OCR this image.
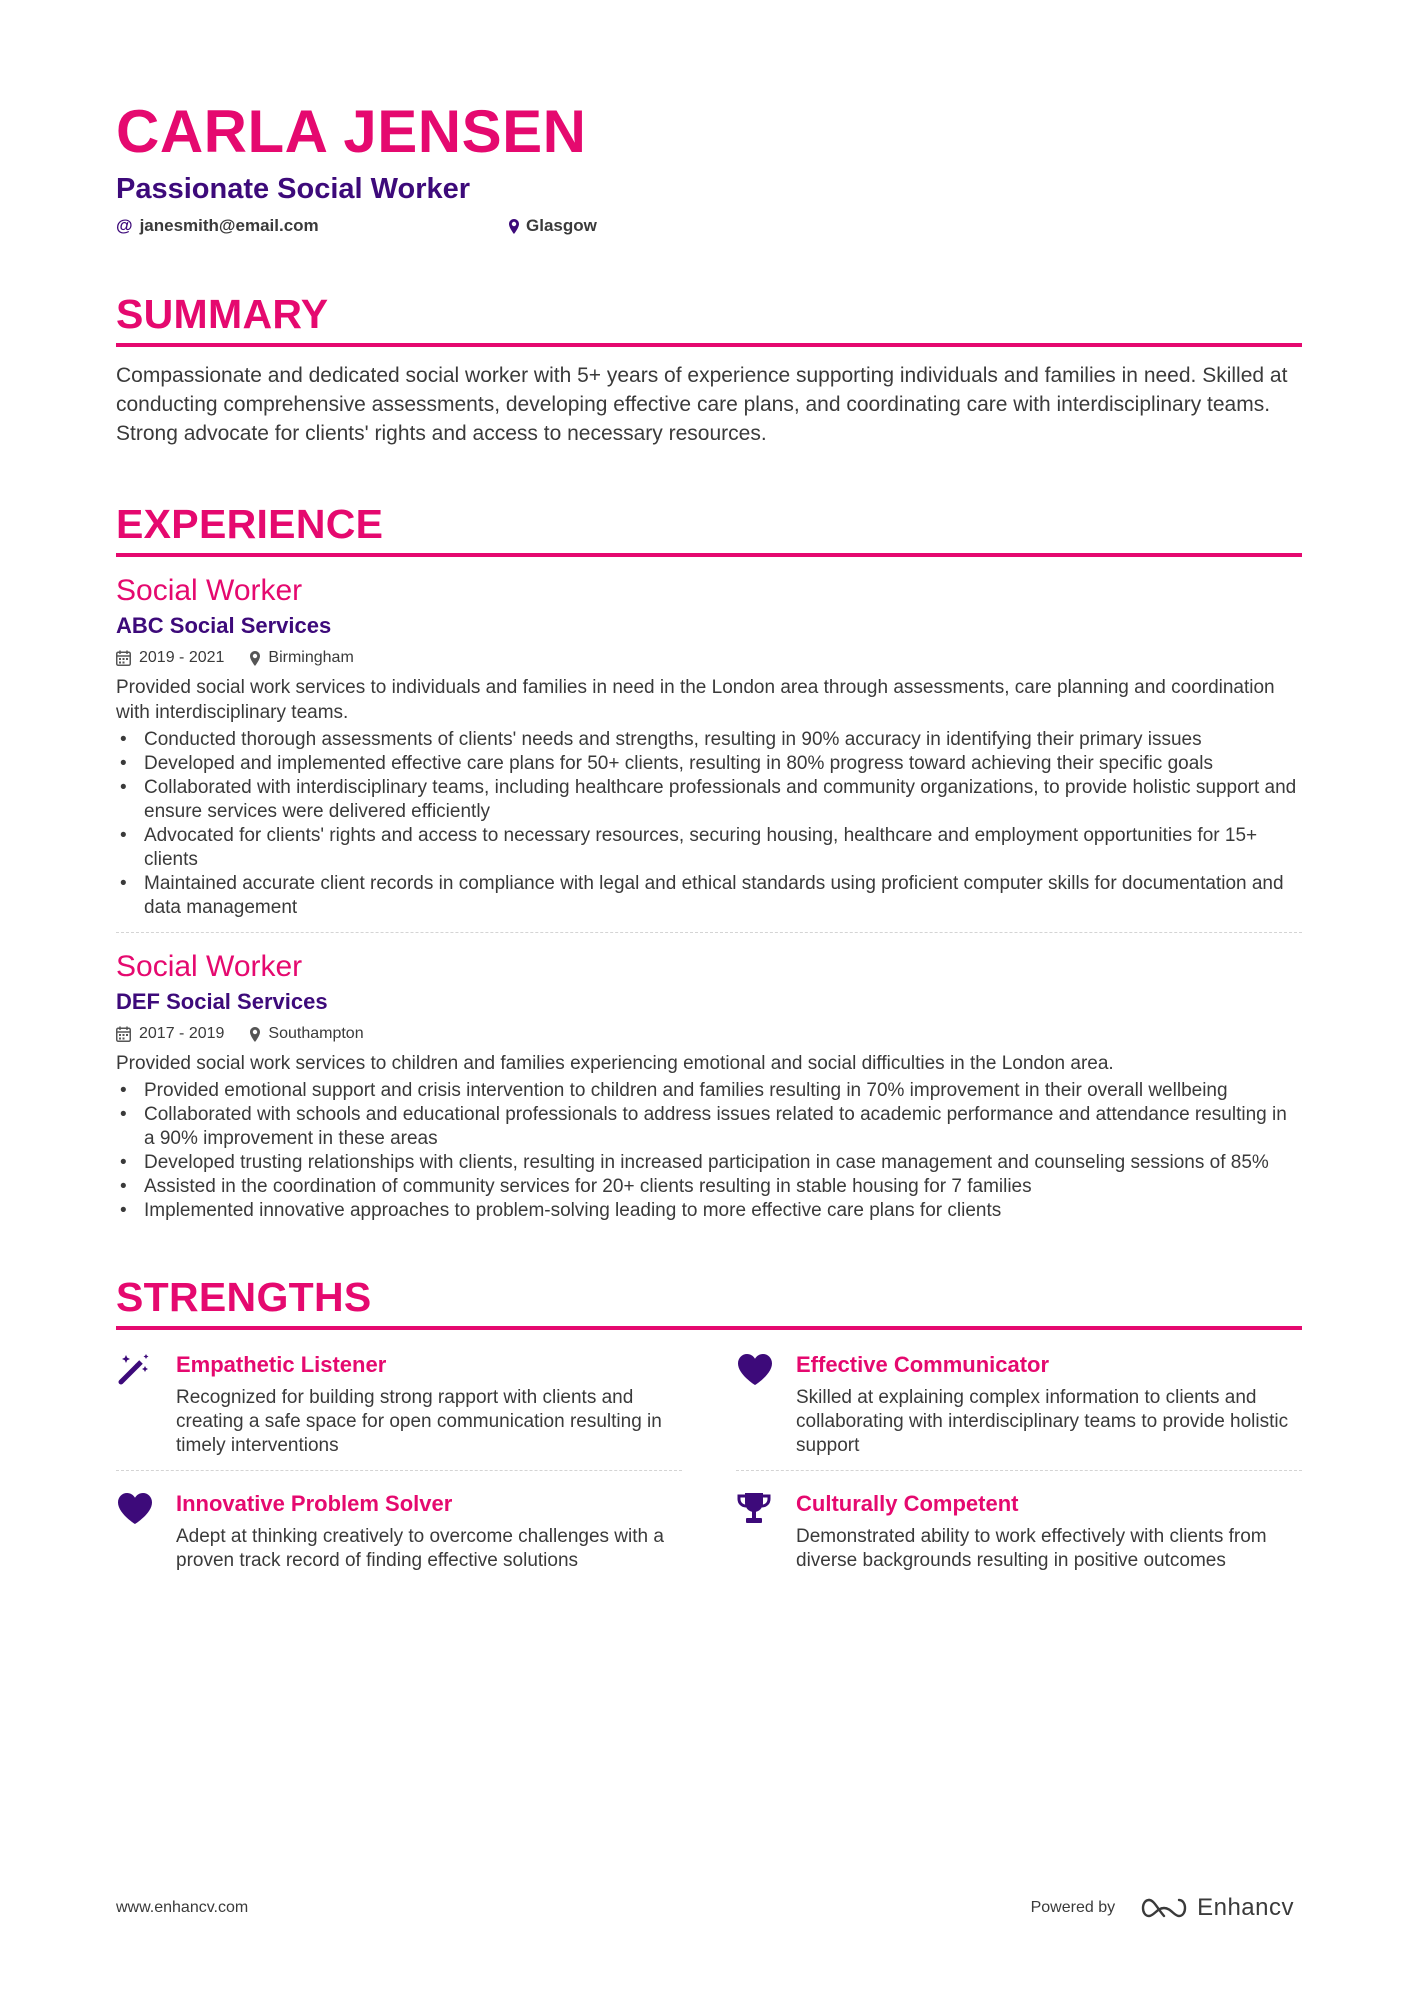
CARLA JENSEN
Passionate Social Worker
@ janesmith@email.com	Glasgow
SUMMARY
Compassionate and dedicated social worker with 5+ years of experience supporting individuals and families in need. Skilled at conducting comprehensive assessments, developing effective care plans, and coordinating care with interdisciplinary teams. Strong advocate for clients' rights and access to necessary resources.
EXPERIENCE
Social Worker
ABC Social Services
2019 - 2021	Birmingham
Provided social work services to individuals and families in need in the London area through assessments, care planning and coordination with interdisciplinary teams.
• Conducted thorough assessments of clients' needs and strengths, resulting in 90% accuracy in identifying their primary issues
• Developed and implemented effective care plans for 50+ clients, resulting in 80% progress toward achieving their specific goals
• Collaborated with interdisciplinary teams, including healthcare professionals and community organizations, to provide holistic support and ensure services were delivered efficiently
• Advocated for clients' rights and access to necessary resources, securing housing, healthcare and employment opportunities for 15+ clients
• Maintained accurate client records in compliance with legal and ethical standards using proficient computer skills for documentation and data management
Social Worker
DEF Social Services
2017 - 2019	Southampton
Provided social work services to children and families experiencing emotional and social difficulties in the London area.
• Provided emotional support and crisis intervention to children and families resulting in 70% improvement in their overall wellbeing
• Collaborated with schools and educational professionals to address issues related to academic performance and attendance resulting in a 90% improvement in these areas
• Developed trusting relationships with clients, resulting in increased participation in case management and counseling sessions of 85%
• Assisted in the coordination of community services for 20+ clients resulting in stable housing for 7 families
• Implemented innovative approaches to problem-solving leading to more effective care plans for clients
STRENGTHS
Empathetic Listener
Recognized for building strong rapport with clients and creating a safe space for open communication resulting in timely interventions
Effective Communicator
Skilled at explaining complex information to clients and collaborating with interdisciplinary teams to provide holistic support
Innovative Problem Solver
Adept at thinking creatively to overcome challenges with a proven track record of finding effective solutions
Culturally Competent
Demonstrated ability to work effectively with clients from diverse backgrounds resulting in positive outcomes
www.enhancv.com	Powered by	Enhancv
